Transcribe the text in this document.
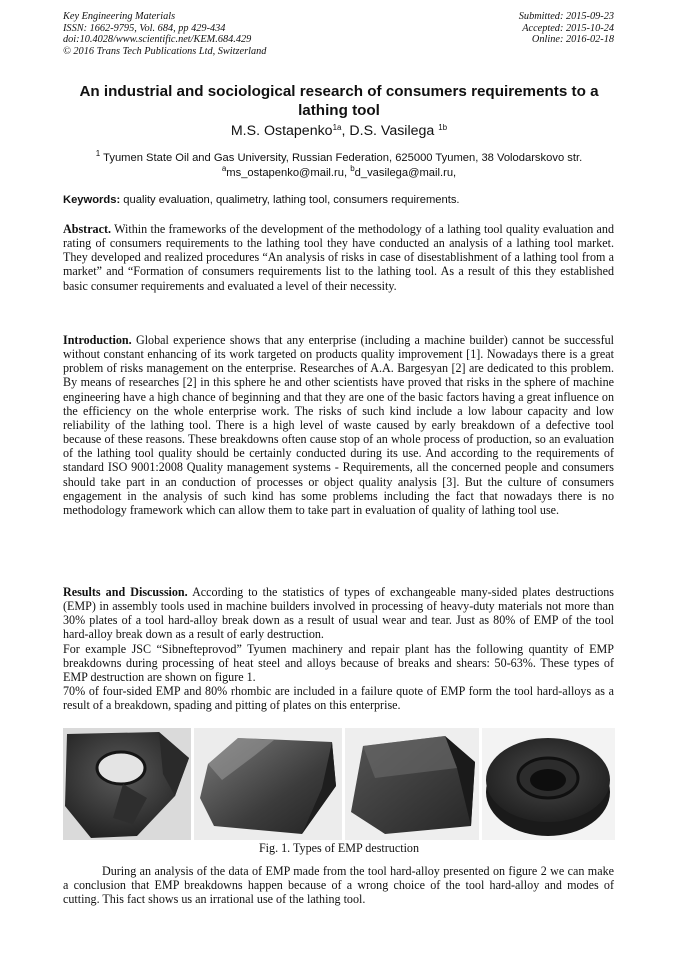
Key Engineering Materials
ISSN: 1662-9795, Vol. 684, pp 429-434
doi:10.4028/www.scientific.net/KEM.684.429
© 2016 Trans Tech Publications Ltd, Switzerland
Submitted: 2015-09-23
Accepted: 2015-10-24
Online: 2016-02-18
An industrial and sociological research of consumers requirements to a lathing tool
M.S. Ostapenko$^{1a}$, D.S. Vasilega $^{1b}$
$^1$ Tyumen State Oil and Gas University, Russian Federation, 625000 Tyumen, 38 Volodarskovo str.
$^a$ms_ostapenko@mail.ru, $^b$d_vasilega@mail.ru,
Keywords: quality evaluation, qualimetry, lathing tool, consumers requirements.
Abstract. Within the frameworks of the development of the methodology of a lathing tool quality evaluation and rating of consumers requirements to the lathing tool they have conducted an analysis of a lathing tool market. They developed and realized procedures “An analysis of risks in case of disestablishment of a lathing tool from a market” and “Formation of consumers requirements list to the lathing tool. As a result of this they established basic consumer requirements and evaluated a level of their necessity.
Introduction. Global experience shows that any enterprise (including a machine builder) cannot be successful without constant enhancing of its work targeted on products quality improvement [1]. Nowadays there is a great problem of risks management on the enterprise. Researches of A.A. Bargesyan [2] are dedicated to this problem. By means of researches [2] in this sphere he and other scientists have proved that risks in the sphere of machine engineering have a high chance of beginning and that they are one of the basic factors having a great influence on the efficiency on the whole enterprise work. The risks of such kind include a low labour capacity and low reliability of the lathing tool. There is a high level of waste caused by early breakdown of a defective tool because of these reasons. These breakdowns often cause stop of an whole process of production, so an evaluation of the lathing tool quality should be certainly conducted during its use. And according to the requirements of standard ISO 9001:2008 Quality management systems - Requirements, all the concerned people and consumers should take part in an conduction of processes or object quality analysis [3]. But the culture of consumers engagement in the analysis of such kind has some problems including the fact that nowadays there is no methodology framework which can allow them to take part in evaluation of quality of lathing tool use.
Results and Discussion. According to the statistics of types of exchangeable many-sided plates destructions (EMP) in assembly tools used in machine builders involved in processing of heavy-duty materials not more than 30% plates of a tool hard-alloy break down as a result of usual wear and tear. Just as 80% of EMP of the tool hard-alloy break down as a result of early destruction.
For example JSC “Sibnefteprovod” Tyumen machinery and repair plant has the following quantity of EMP breakdowns during processing of heat steel and alloys because of breaks and shears: 50-63%. These types of EMP destruction are shown on figure 1.
70% of four-sided EMP and 80% rhombic are included in a failure quote of EMP form the tool hard-alloys as a result of a breakdown, spading and pitting of plates on this enterprise.
Fig. 1. Types of EMP destruction
During an analysis of the data of EMP made from the tool hard-alloy presented on figure 2 we can make a conclusion that EMP breakdowns happen because of a wrong choice of the tool hard-alloy and modes of cutting. This fact shows us an irrational use of the lathing tool.
